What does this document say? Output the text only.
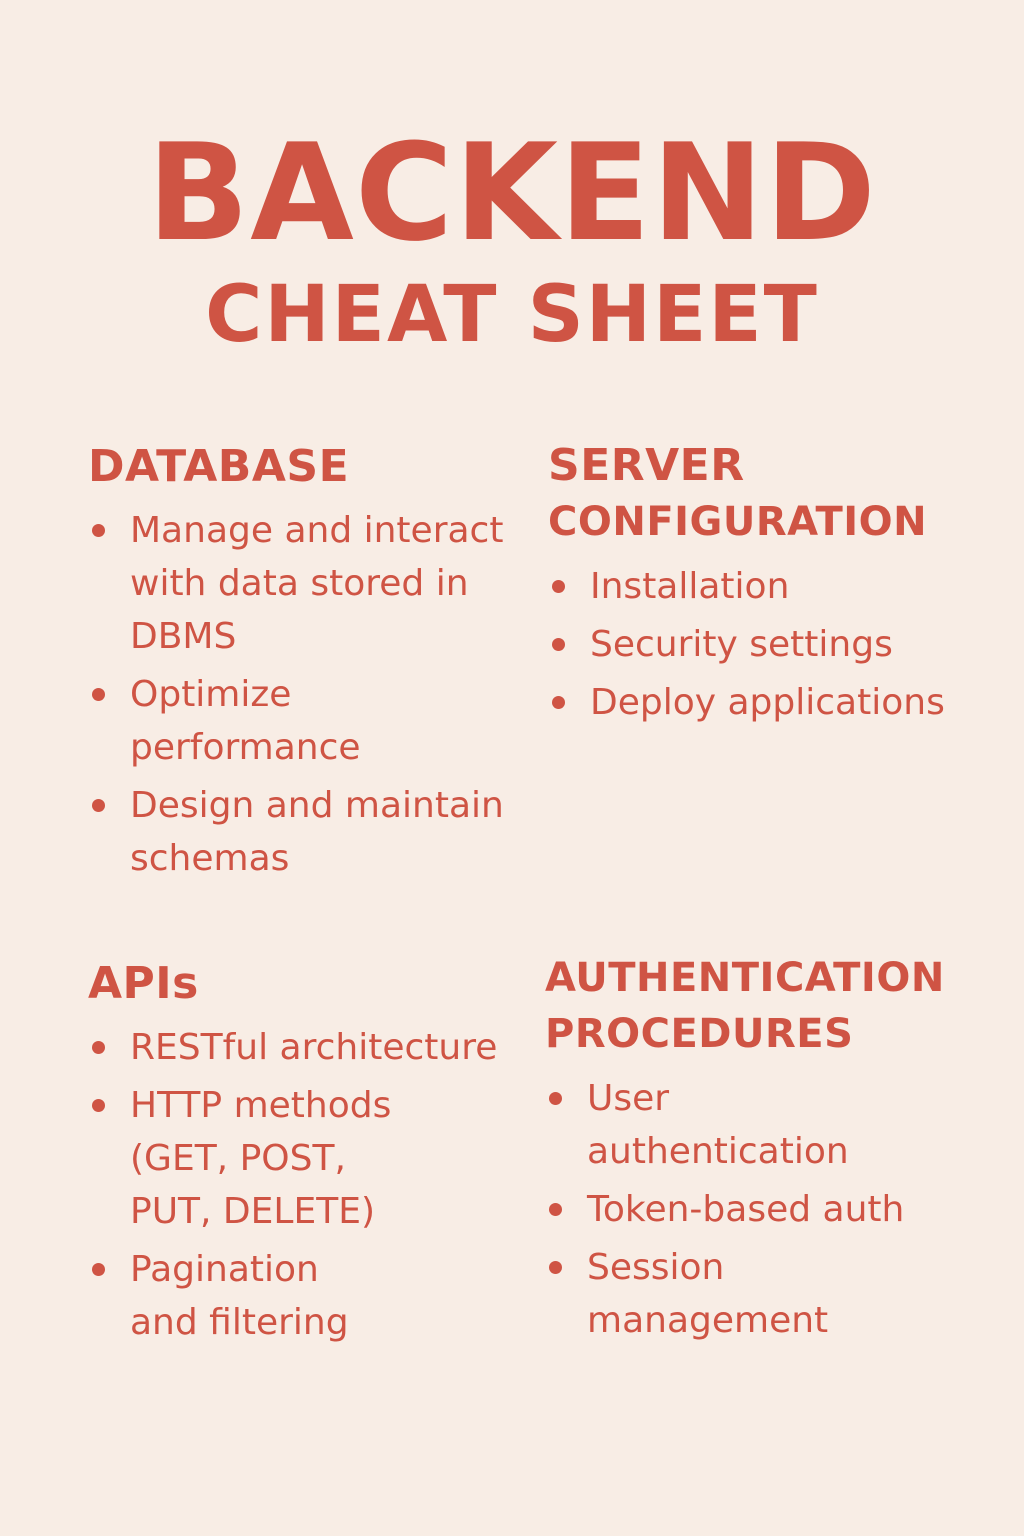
BACKEND
CHEAT SHEET
DATABASE
Manage and interact with data stored in DBMS
Optimize performance
Design and maintain schemas
SERVER
CONFIGURATION
Installation
Security settings
Deploy applications
APIs
RESTful architecture
HTTP methods (GET, POST, PUT, DELETE)
Pagination and filtering
AUTHENTICATION
PROCEDURES
User authentication
Token-based auth
Session management
